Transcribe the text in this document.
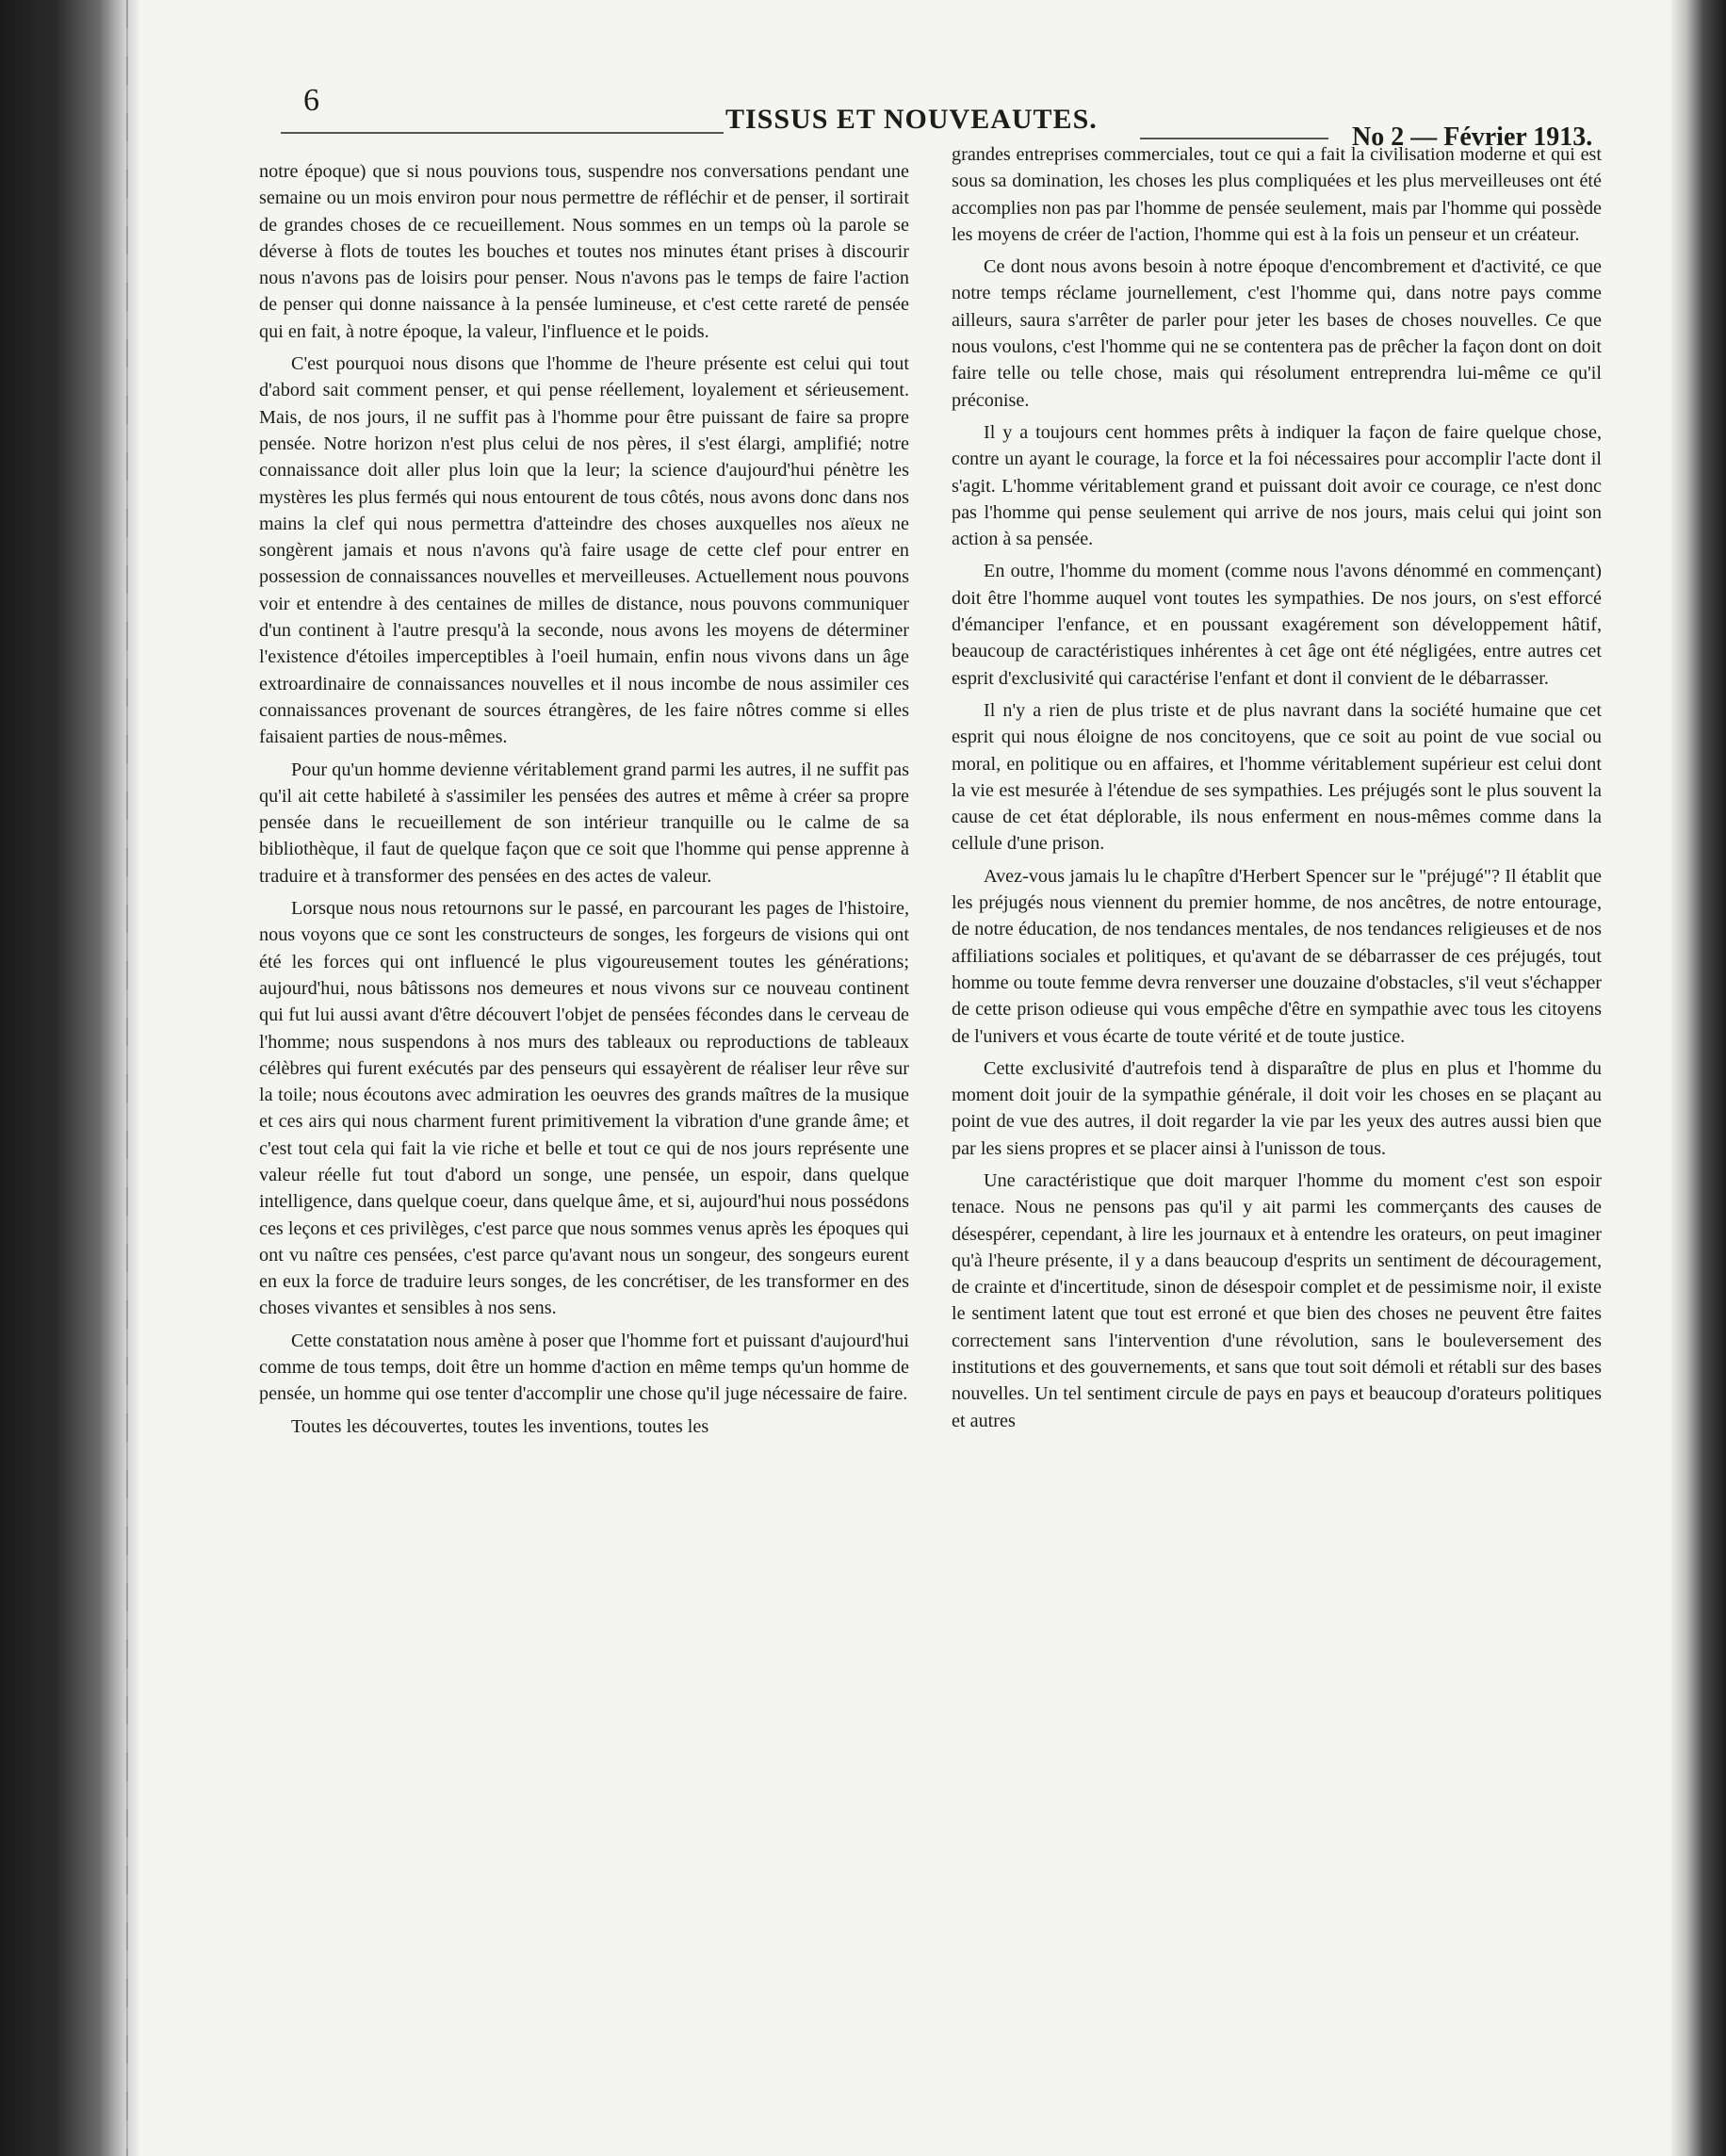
6
TISSUS ET NOUVEAUTES.
No 2 — Février 1913.

notre époque) que si nous pouvions tous, suspendre nos conversations pendant une semaine ou un mois environ pour nous permettre de réfléchir et de penser, il sortirait de grandes choses de ce recueillement. Nous sommes en un temps où la parole se déverse à flots de toutes les bouches et toutes nos minutes étant prises à discourir nous n'avons pas de loisirs pour penser. Nous n'avons pas le temps de faire l'action de penser qui donne naissance à la pensée lumineuse, et c'est cette rareté de pensée qui en fait, à notre époque, la valeur, l'influence et le poids.

C'est pourquoi nous disons que l'homme de l'heure présente est celui qui tout d'abord sait comment penser, et qui pense réellement, loyalement et sérieusement. Mais, de nos jours, il ne suffit pas à l'homme pour être puissant de faire sa propre pensée. Notre horizon n'est plus celui de nos pères, il s'est élargi, amplifié; notre connaissance doit aller plus loin que la leur; la science d'aujourd'hui pénètre les mystères les plus fermés qui nous entourent de tous côtés, nous avons donc dans nos mains la clef qui nous permettra d'atteindre des choses auxquelles nos aïeux ne songèrent jamais et nous n'avons qu'à faire usage de cette clef pour entrer en possession de connaissances nouvelles et merveilleuses. Actuellement nous pouvons voir et entendre à des centaines de milles de distance, nous pouvons communiquer d'un continent à l'autre presqu'à la seconde, nous avons les moyens de déterminer l'existence d'étoiles imperceptibles à l'oeil humain, enfin nous vivons dans un âge extroardinaire de connaissances nouvelles et il nous incombe de nous assimiler ces connaissances provenant de sources étrangères, de les faire nôtres comme si elles faisaient parties de nous-mêmes.

Pour qu'un homme devienne véritablement grand parmi les autres, il ne suffit pas qu'il ait cette habileté à s'assimiler les pensées des autres et même à créer sa propre pensée dans le recueillement de son intérieur tranquille ou le calme de sa bibliothèque, il faut de quelque façon que ce soit que l'homme qui pense apprenne à traduire et à transformer des pensées en des actes de valeur.

Lorsque nous nous retournons sur le passé, en parcourant les pages de l'histoire, nous voyons que ce sont les constructeurs de songes, les forgeurs de visions qui ont été les forces qui ont influencé le plus vigoureusement toutes les générations; aujourd'hui, nous bâtissons nos demeures et nous vivons sur ce nouveau continent qui fut lui aussi avant d'être découvert l'objet de pensées fécondes dans le cerveau de l'homme; nous suspendons à nos murs des tableaux ou reproductions de tableaux célèbres qui furent exécutés par des penseurs qui essayèrent de réaliser leur rêve sur la toile; nous écoutons avec admiration les oeuvres des grands maîtres de la musique et ces airs qui nous charment furent primitivement la vibration d'une grande âme; et c'est tout cela qui fait la vie riche et belle et tout ce qui de nos jours représente une valeur réelle fut tout d'abord un songe, une pensée, un espoir, dans quelque intelligence, dans quelque coeur, dans quelque âme, et si, aujourd'hui nous possédons ces leçons et ces privilèges, c'est parce que nous sommes venus après les époques qui ont vu naître ces pensées, c'est parce qu'avant nous un songeur, des songeurs eurent en eux la force de traduire leurs songes, de les concrétiser, de les transformer en des choses vivantes et sensibles à nos sens.

Cette constatation nous amène à poser que l'homme fort et puissant d'aujourd'hui comme de tous temps, doit être un homme d'action en même temps qu'un homme de pensée, un homme qui ose tenter d'accomplir une chose qu'il juge nécessaire de faire.

Toutes les découvertes, toutes les inventions, toutes les

grandes entreprises commerciales, tout ce qui a fait la civilisation moderne et qui est sous sa domination, les choses les plus compliquées et les plus merveilleuses ont été accomplies non pas par l'homme de pensée seulement, mais par l'homme qui possède les moyens de créer de l'action, l'homme qui est à la fois un penseur et un créateur.

Ce dont nous avons besoin à notre époque d'encombrement et d'activité, ce que notre temps réclame journellement, c'est l'homme qui, dans notre pays comme ailleurs, saura s'arrêter de parler pour jeter les bases de choses nouvelles. Ce que nous voulons, c'est l'homme qui ne se contentera pas de prêcher la façon dont on doit faire telle ou telle chose, mais qui résolument entreprendra lui-même ce qu'il préconise.

Il y a toujours cent hommes prêts à indiquer la façon de faire quelque chose, contre un ayant le courage, la force et la foi nécessaires pour accomplir l'acte dont il s'agit. L'homme véritablement grand et puissant doit avoir ce courage, ce n'est donc pas l'homme qui pense seulement qui arrive de nos jours, mais celui qui joint son action à sa pensée.

En outre, l'homme du moment (comme nous l'avons dénommé en commençant) doit être l'homme auquel vont toutes les sympathies. De nos jours, on s'est efforcé d'émanciper l'enfance, et en poussant exagérement son développement hâtif, beaucoup de caractéristiques inhérentes à cet âge ont été négligées, entre autres cet esprit d'exclusivité qui caractérise l'enfant et dont il convient de le débarrasser.

Il n'y a rien de plus triste et de plus navrant dans la société humaine que cet esprit qui nous éloigne de nos concitoyens, que ce soit au point de vue social ou moral, en politique ou en affaires, et l'homme véritablement supérieur est celui dont la vie est mesurée à l'étendue de ses sympathies. Les préjugés sont le plus souvent la cause de cet état déplorable, ils nous enferment en nous-mêmes comme dans la cellule d'une prison.

Avez-vous jamais lu le chapître d'Herbert Spencer sur le "préjugé"? Il établit que les préjugés nous viennent du premier homme, de nos ancêtres, de notre entourage, de notre éducation, de nos tendances mentales, de nos tendances religieuses et de nos affiliations sociales et politiques, et qu'avant de se débarrasser de ces préjugés, tout homme ou toute femme devra renverser une douzaine d'obstacles, s'il veut s'échapper de cette prison odieuse qui vous empêche d'être en sympathie avec tous les citoyens de l'univers et vous écarte de toute vérité et de toute justice.

Cette exclusivité d'autrefois tend à disparaître de plus en plus et l'homme du moment doit jouir de la sympathie générale, il doit voir les choses en se plaçant au point de vue des autres, il doit regarder la vie par les yeux des autres aussi bien que par les siens propres et se placer ainsi à l'unisson de tous.

Une caractéristique que doit marquer l'homme du moment c'est son espoir tenace. Nous ne pensons pas qu'il y ait parmi les commerçants des causes de désespérer, cependant, à lire les journaux et à entendre les orateurs, on peut imaginer qu'à l'heure présente, il y a dans beaucoup d'esprits un sentiment de découragement, de crainte et d'incertitude, sinon de désespoir complet et de pessimisme noir, il existe le sentiment latent que tout est erroné et que bien des choses ne peuvent être faites correctement sans l'intervention d'une révolution, sans le bouleversement des institutions et des gouvernements, et sans que tout soit démoli et rétabli sur des bases nouvelles. Un tel sentiment circule de pays en pays et beaucoup d'orateurs politiques et autres
